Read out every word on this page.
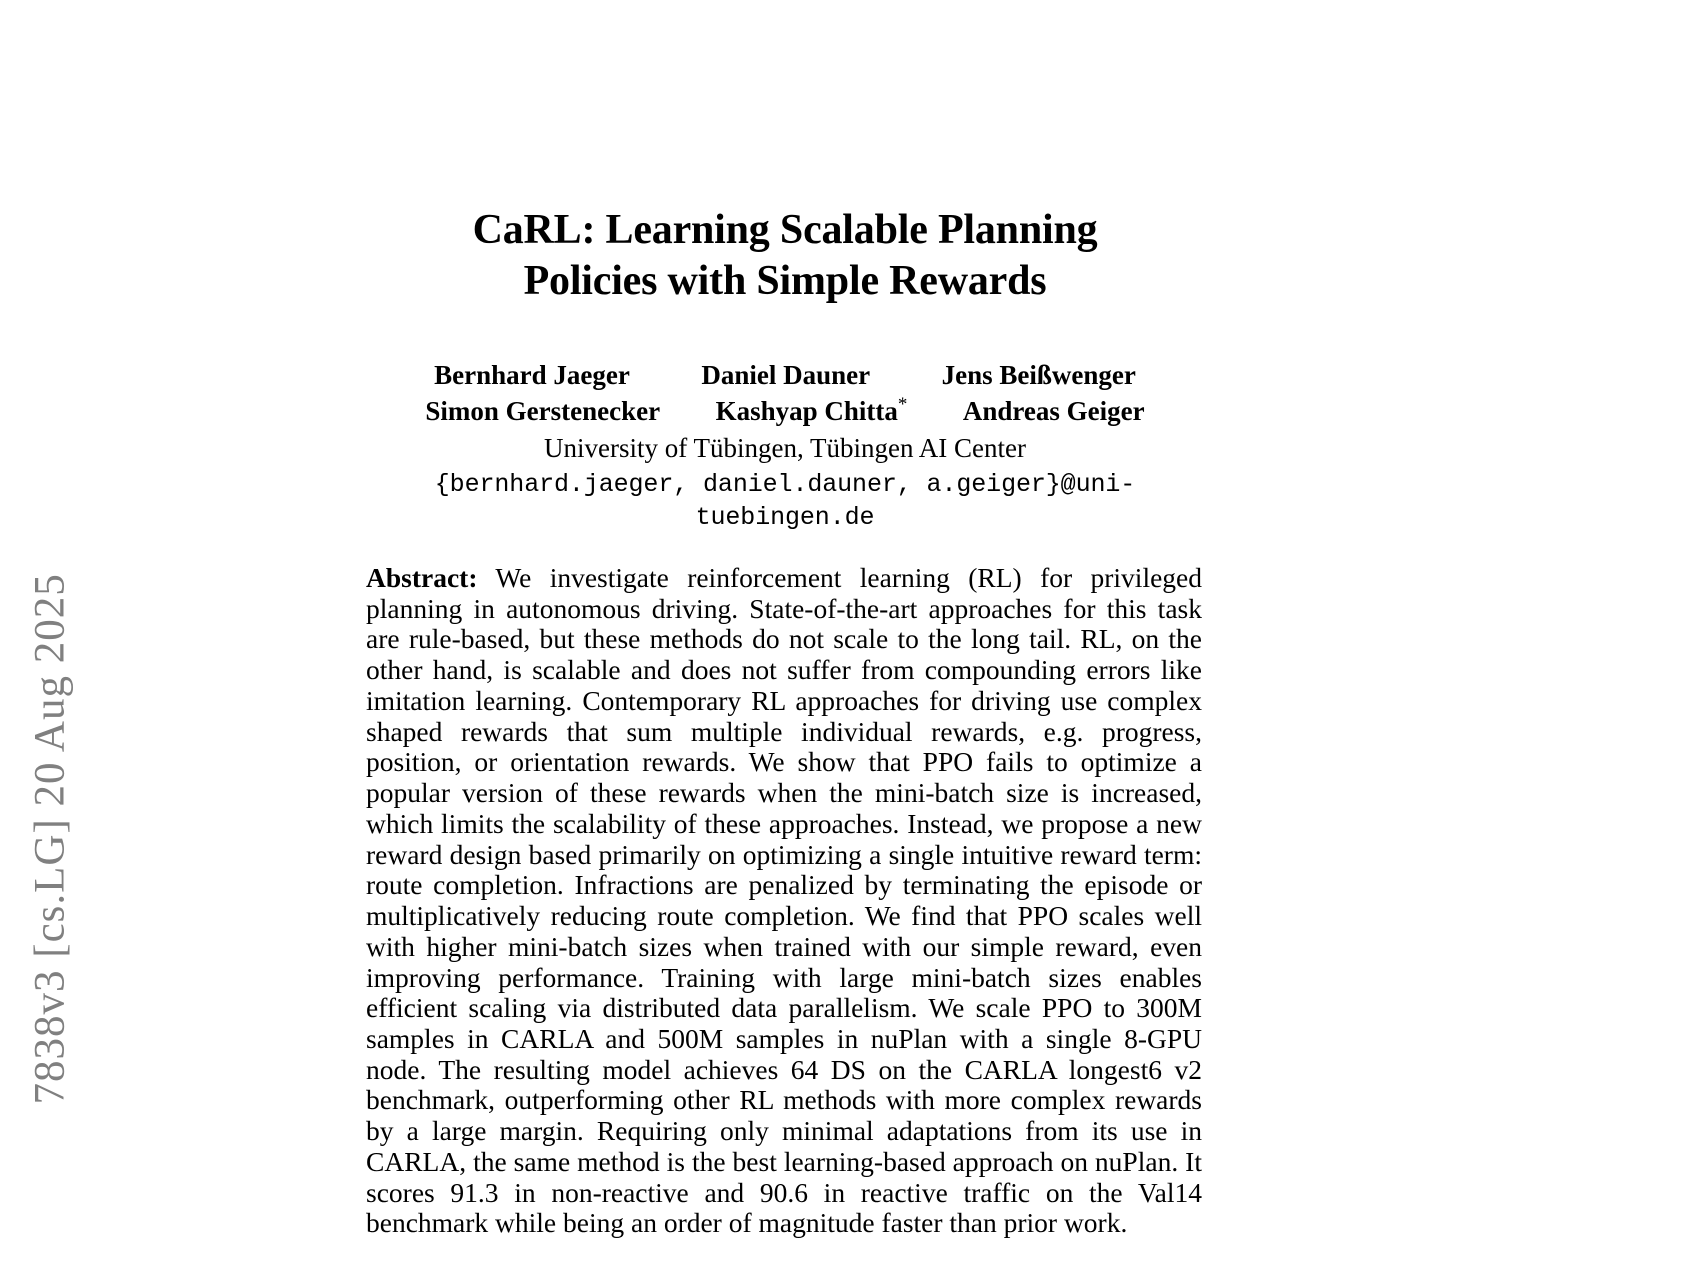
7838v3 [cs.LG] 20 Aug 2025
CaRL: Learning Scalable Planning
Policies with Simple Rewards
Bernhard Jaeger	Daniel Dauner	Jens Beißwenger
Simon Gerstenecker Kashyap Chitta* Andreas Geiger
University of Tübingen, Tübingen AI Center
{bernhard.jaeger, daniel.dauner, a.geiger}@uni-tuebingen.de

Abstract: We investigate reinforcement learning (RL) for privileged planning in autonomous driving. State-of-the-art approaches for this task are rule-based, but these methods do not scale to the long tail. RL, on the other hand, is scalable and does not suffer from compounding errors like imitation learning. Contemporary RL approaches for driving use complex shaped rewards that sum multiple individual rewards, e.g. progress, position, or orientation rewards. We show that PPO fails to optimize a popular version of these rewards when the mini-batch size is increased, which limits the scalability of these approaches. Instead, we propose a new reward design based primarily on optimizing a single intuitive reward term: route completion. Infractions are penalized by terminating the episode or multiplicatively reducing route completion. We find that PPO scales well with higher mini-batch sizes when trained with our simple reward, even improving performance. Training with large mini-batch sizes enables efficient scaling via distributed data parallelism. We scale PPO to 300M samples in CARLA and 500M samples in nuPlan with a single 8-GPU node. The resulting model achieves 64 DS on the CARLA longest6 v2 benchmark, outperforming other RL methods with more complex rewards by a large margin. Requiring only minimal adaptations from its use in CARLA, the same method is the best learning-based approach on nuPlan. It scores 91.3 in non-reactive and 90.6 in reactive traffic on the Val14 benchmark while being an order of magnitude faster than prior work.
